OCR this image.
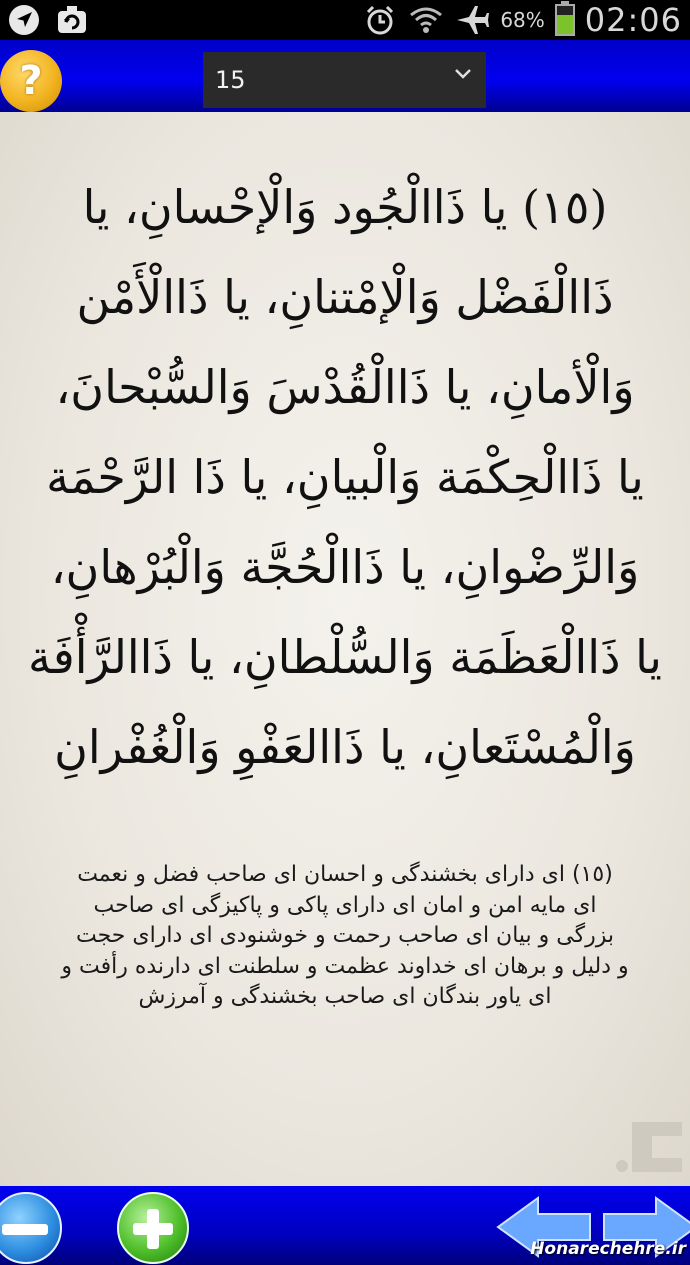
68% 02:06
?	15
(١٥) يا ذَاالْجُود وَالْإحْسانِ، يا
ذَاالْفَضْل وَالْإمْتنانِ، يا ذَاالْأَمْن
وَالْأمانِ، يا ذَاالْقُدْسَ وَالسُّبْحانَ،
يا ذَاالْحِكْمَة وَالْبيانِ، يا ذَا الرَّحْمَة
وَالرِّضْوانِ، يا ذَاالْحُجَّة وَالْبُرْهانِ،
يا ذَاالْعَظَمَة وَالسُّلْطانِ، يا ذَاالرَّأْفَة
وَالْمُسْتَعانِ، يا ذَاالعَفْوِ وَالْغُفْرانِ
(١٥) ای دارای بخشندگی و احسان ای صاحب فضل و نعمت
ای مایه امن و امان ای دارای پاکی و پاکیزگی ای صاحب
بزرگی و بیان ای صاحب رحمت و خوشنودی ای دارای حجت
و دلیل و برهان ای خداوند عظمت و سلطنت ای دارنده رأفت و
ای یاور بندگان ای صاحب بخشندگی و آمرزش
Honarechehre.ir
